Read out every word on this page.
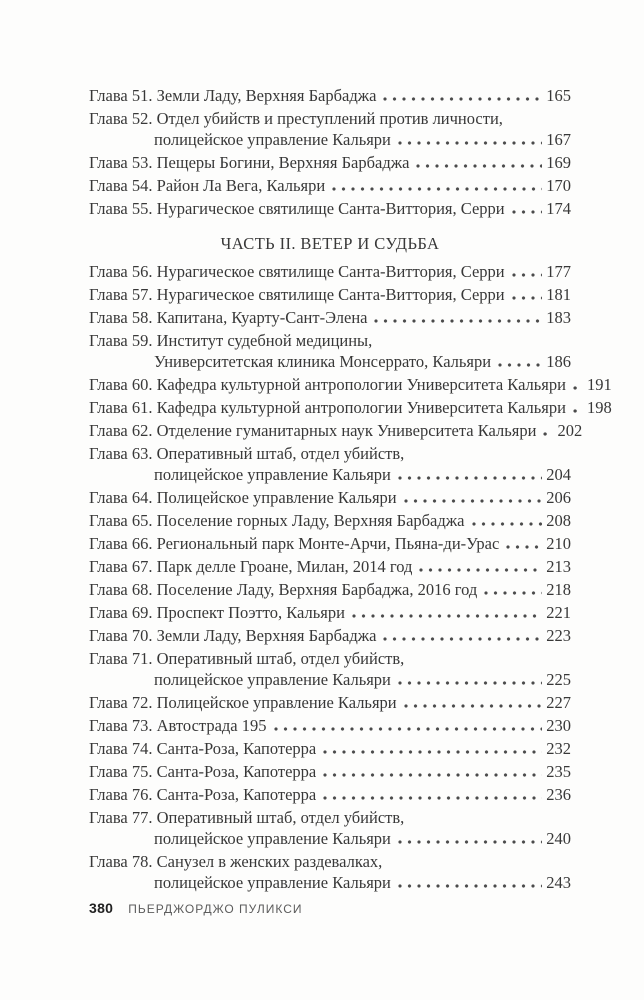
Глава 51. Земли Ладу, Верхняя Барбаджа	165
Глава 52. Отдел убийств и преступлений против личности,
полицейское управление Кальяри	167
Глава 53. Пещеры Богини, Верхняя Барбаджа	169
Глава 54. Район Ла Вега, Кальяри	170
Глава 55. Нурагическое святилище Санта-Виттория, Серри	174
ЧАСТЬ II. ВЕТЕР И СУДЬБА
Глава 56. Нурагическое святилище Санта-Виттория, Серри	177
Глава 57. Нурагическое святилище Санта-Виттория, Серри	181
Глава 58. Капитана, Куарту-Сант-Элена	183
Глава 59. Институт судебной медицины,
Университетская клиника Монсеррато, Кальяри	186
Глава 60. Кафедра культурной антропологии Университета Кальяри 191
Глава 61. Кафедра культурной антропологии Университета Кальяри 198
Глава 62. Отделение гуманитарных наук Университета Кальяри 202
Глава 63. Оперативный штаб, отдел убийств,
полицейское управление Кальяри	204
Глава 64. Полицейское управление Кальяри	206
Глава 65. Поселение горных Ладу, Верхняя Барбаджа	208
Глава 66. Региональный парк Монте-Арчи, Пьяна-ди-Урас	210
Глава 67. Парк делле Гроане, Милан, 2014 год	213
Глава 68. Поселение Ладу, Верхняя Барбаджа, 2016 год	218
Глава 69. Проспект Поэтто, Кальяри	221
Глава 70. Земли Ладу, Верхняя Барбаджа	223
Глава 71. Оперативный штаб, отдел убийств,
полицейское управление Кальяри	225
Глава 72. Полицейское управление Кальяри	227
Глава 73. Автострада 195	230
Глава 74. Санта-Роза, Капотерра	232
Глава 75. Санта-Роза, Капотерра	235
Глава 76. Санта-Роза, Капотерра	236
Глава 77. Оперативный штаб, отдел убийств,
полицейское управление Кальяри	240
Глава 78. Санузел в женских раздевалках,
полицейское управление Кальяри	243
380 ПЬЕРДЖОРДЖО ПУЛИКСИ
